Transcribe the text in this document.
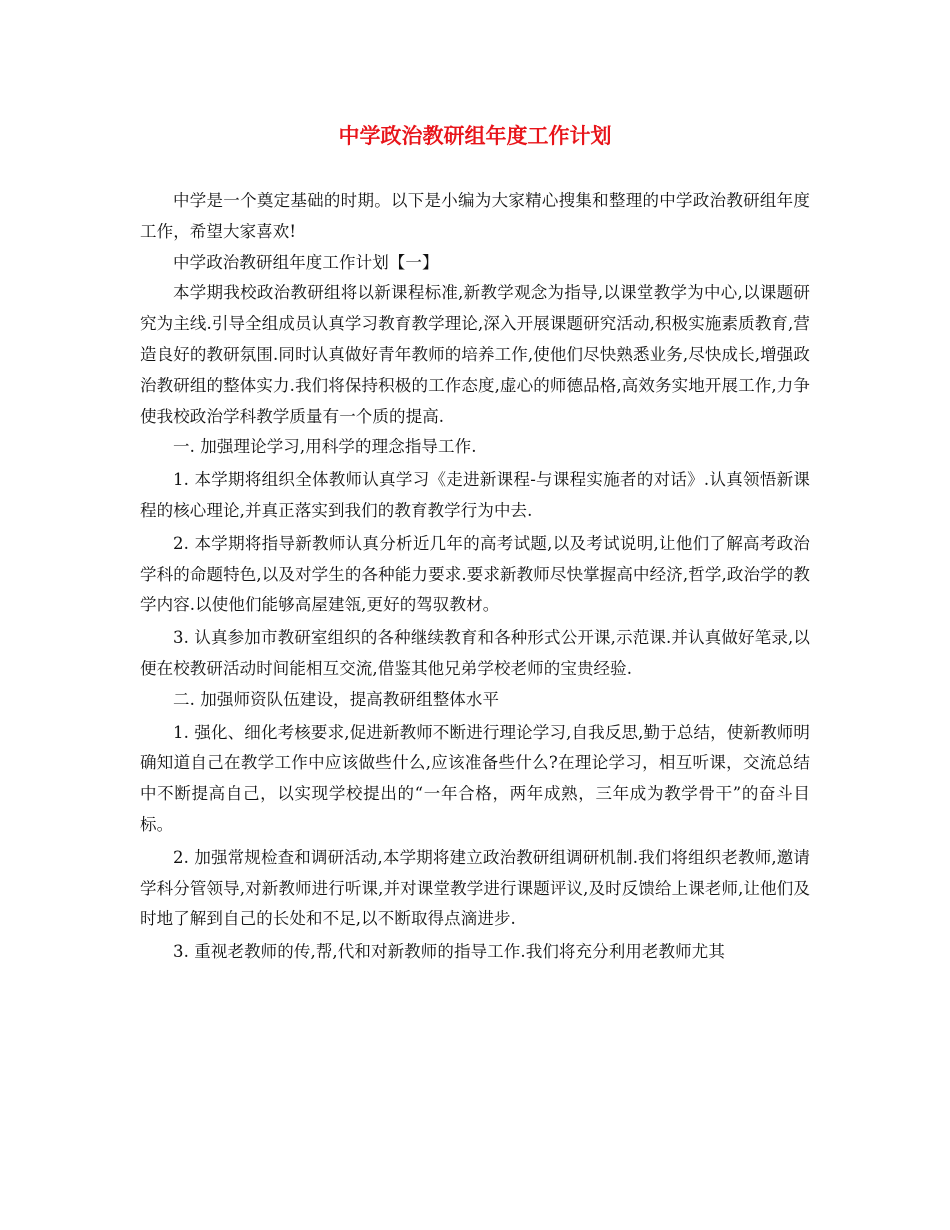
中学政治教研组年度工作计划

中学是一个奠定基础的时期。以下是小编为大家精心搜集和整理的中学政治教研组年度工作，希望大家喜欢!

中学政治教研组年度工作计划【一】

本学期我校政治教研组将以新课程标准,新教学观念为指导,以课堂教学为中心,以课题研究为主线.引导全组成员认真学习教育教学理论,深入开展课题研究活动,积极实施素质教育,营造良好的教研氛围.同时认真做好青年教师的培养工作,使他们尽快熟悉业务,尽快成长,增强政治教研组的整体实力.我们将保持积极的工作态度,虚心的师德品格,高效务实地开展工作,力争使我校政治学科教学质量有一个质的提高.

一. 加强理论学习,用科学的理念指导工作.

1. 本学期将组织全体教师认真学习《走进新课程-与课程实施者的对话》.认真领悟新课程的核心理论,并真正落实到我们的教育教学行为中去.

2. 本学期将指导新教师认真分析近几年的高考试题,以及考试说明,让他们了解高考政治学科的命题特色,以及对学生的各种能力要求.要求新教师尽快掌握高中经济,哲学,政治学的教学内容.以使他们能够高屋建瓴,更好的驾驭教材。

3. 认真参加市教研室组织的各种继续教育和各种形式公开课,示范课.并认真做好笔录,以便在校教研活动时间能相互交流,借鉴其他兄弟学校老师的宝贵经验.

二. 加强师资队伍建设，提高教研组整体水平

1. 强化、细化考核要求,促进新教师不断进行理论学习,自我反思,勤于总结，使新教师明确知道自己在教学工作中应该做些什么,应该准备些什么?在理论学习，相互听课，交流总结中不断提高自己，以实现学校提出的“一年合格，两年成熟，三年成为教学骨干”的奋斗目标。

2. 加强常规检查和调研活动,本学期将建立政治教研组调研机制.我们将组织老教师,邀请学科分管领导,对新教师进行听课,并对课堂教学进行课题评议,及时反馈给上课老师,让他们及时地了解到自己的长处和不足,以不断取得点滴进步.

3. 重视老教师的传,帮,代和对新教师的指导工作.我们将充分利用老教师尤其
